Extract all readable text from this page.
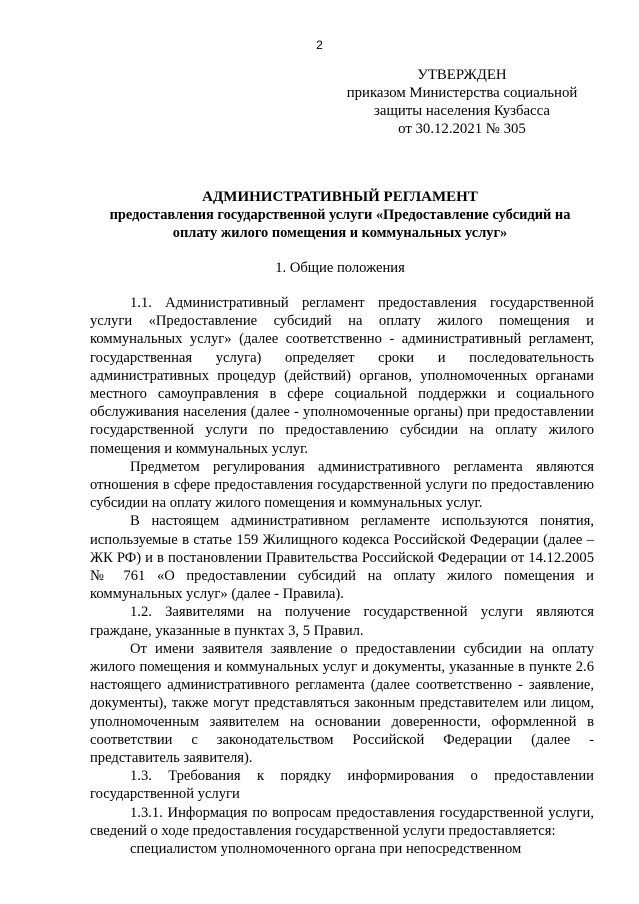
2
УТВЕРЖДЕН
приказом Министерства социальной
защиты населения Кузбасса
от 30.12.2021 № 305
АДМИНИСТРАТИВНЫЙ РЕГЛАМЕНТ
предоставления государственной услуги «Предоставление субсидий на оплату жилого помещения и коммунальных услуг»
1. Общие положения

1.1. Административный регламент предоставления государственной услуги «Предоставление субсидий на оплату жилого помещения и коммунальных услуг» (далее соответственно - административный регламент, государственная услуга) определяет сроки и последовательность административных процедур (действий) органов, уполномоченных органами местного самоуправления в сфере социальной поддержки и социального обслуживания населения (далее - уполномоченные органы) при предоставлении государственной услуги по предоставлению субсидии на оплату жилого помещения и коммунальных услуг.

Предметом регулирования административного регламента являются отношения в сфере предоставления государственной услуги по предоставлению субсидии на оплату жилого помещения и коммунальных услуг.

В настоящем административном регламенте используются понятия, используемые в статье 159 Жилищного кодекса Российской Федерации (далее – ЖК РФ) и в постановлении Правительства Российской Федерации от 14.12.2005 № 761 «О предоставлении субсидий на оплату жилого помещения и коммунальных услуг» (далее - Правила).

1.2. Заявителями на получение государственной услуги являются граждане, указанные в пунктах 3, 5 Правил.

От имени заявителя заявление о предоставлении субсидии на оплату жилого помещения и коммунальных услуг и документы, указанные в пункте 2.6 настоящего административного регламента (далее соответственно - заявление, документы), также могут представляться законным представителем или лицом, уполномоченным заявителем на основании доверенности, оформленной в соответствии с законодательством Российской Федерации (далее - представитель заявителя).

1.3. Требования к порядку информирования о предоставлении государственной услуги

1.3.1. Информация по вопросам предоставления государственной услуги, сведений о ходе предоставления государственной услуги предоставляется:

специалистом уполномоченного органа при непосредственном
